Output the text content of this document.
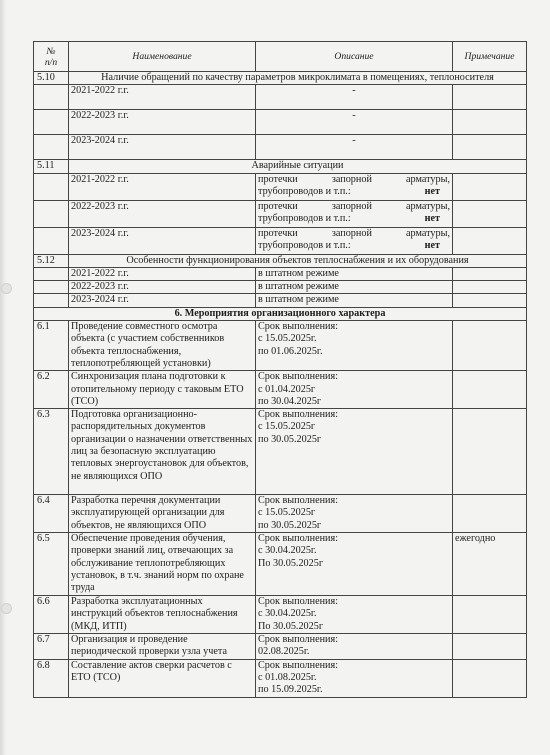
№
п/п	Наименование	Описание	Примечание
5.10	Наличие обращений по качеству параметров микроклимата в помещениях, теплоносителя		
	2021-2022 г.г.	-	
	2022-2023 г.г.	-	
	2023-2024 г.г.	-	
5.11	Аварийные ситуации		
	2021-2022 г.г.	протечки запорной арматуры,
трубопроводов и т.п.: нет	

	2022-2023 г.г.	протечки запорной арматуры,
трубопроводов и т.п.: нет	

	2023-2024 г.г.	протечки запорной арматуры,
трубопроводов и т.п.: нет	

5.12	Особенности функционирования объектов теплоснабжения и их оборудования		
	2021-2022 г.г.	в штатном режиме	
	2022-2023 г.г.	в штатном режиме	
	2023-2024 г.г.	в штатном режиме	
6. Мероприятия организационного характера			
6.1	Проведение совместного осмотра объекта (с участием собственников объекта теплоснабжения, теплопотребляющей установки)	Срок выполнения:
с 15.05.2025г.
по 01.06.2025г.	
6.2	Синхронизация плана подготовки к отопительному периоду с таковым ЕТО (ТСО)	Срок выполнения:
с 01.04.2025г
по 30.04.2025г	
6.3	Подготовка организационно-распорядительных документов организации о назначении ответственных лиц за безопасную эксплуатацию тепловых энергоустановок для объектов, не являющихся ОПО	Срок выполнения:
с 15.05.2025г
по 30.05.2025г	
6.4	Разработка перечня документации эксплуатирующей организации для объектов, не являющихся ОПО	Срок выполнения:
с 15.05.2025г
по 30.05.2025г	
6.5	Обеспечение проведения обучения, проверки знаний лиц, отвечающих за обслуживание теплопотребляющих установок, в т.ч. знаний норм по охране труда	Срок выполнения:
с 30.04.2025г.
По 30.05.2025г	ежегодно
6.6	Разработка эксплуатационных инструкций объектов теплоснабжения (МКД, ИТП)	Срок выполнения:
с 30.04.2025г.
По 30.05.2025г	
6.7	Организация и проведение периодической проверки узла учета	Срок выполнения:
02.08.2025г.	
6.8	Составление актов сверки расчетов с ЕТО (ТСО)	Срок выполнения:
с 01.08.2025г.
по 15.09.2025г.	
